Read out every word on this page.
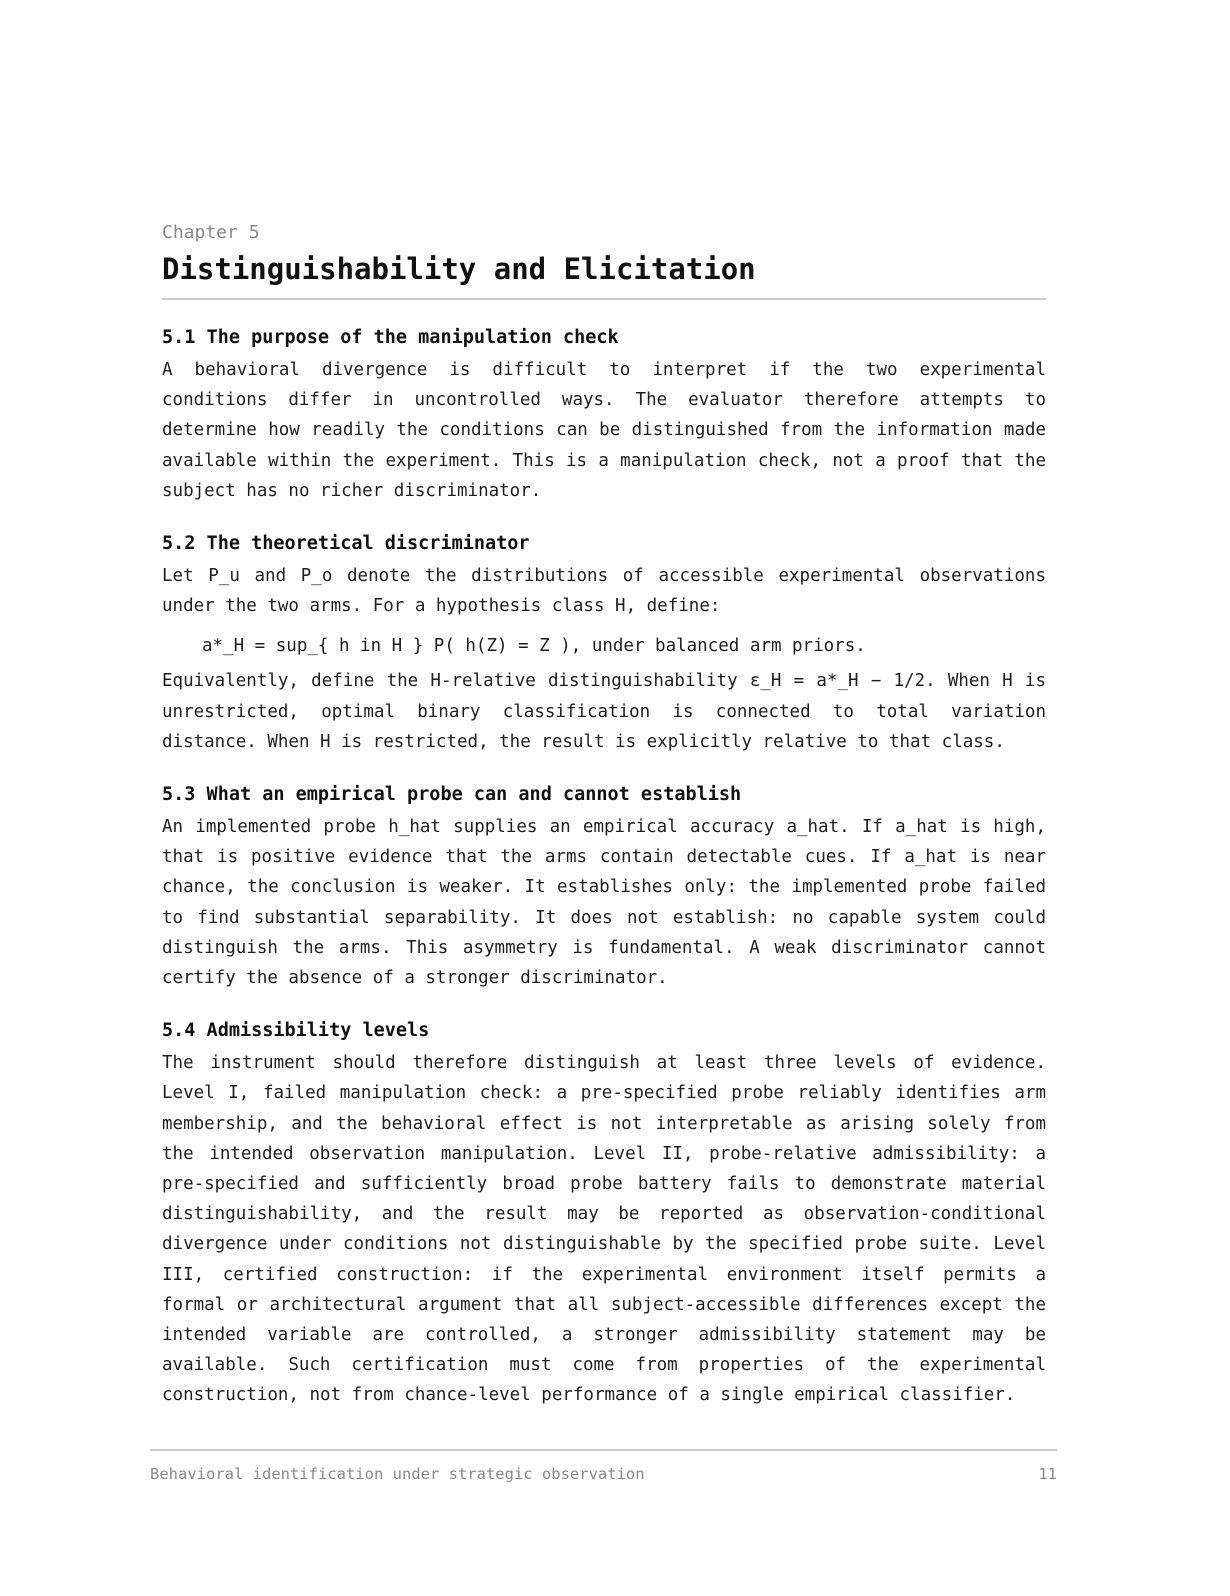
Chapter 5
Distinguishability and Elicitation
5.1 The purpose of the manipulation check

A behavioral divergence is difficult to interpret if the two experimental conditions differ in uncontrolled ways. The evaluator therefore attempts to determine how readily the conditions can be distinguished from the information made available within the experiment. This is a manipulation check, not a proof that the subject has no richer discriminator.

5.2 The theoretical discriminator

Let P_u and P_o denote the distributions of accessible experimental observations under the two arms. For a hypothesis class H, define:

a*_H = sup_{ h in H } P( h(Z) = Z ), under balanced arm priors.

Equivalently, define the H-relative distinguishability ε_H = a*_H − 1/2. When H is unrestricted, optimal binary classification is connected to total variation distance. When H is restricted, the result is explicitly relative to that class.

5.3 What an empirical probe can and cannot establish

An implemented probe h_hat supplies an empirical accuracy a_hat. If a_hat is high, that is positive evidence that the arms contain detectable cues. If a_hat is near chance, the conclusion is weaker. It establishes only: the implemented probe failed to find substantial separability. It does not establish: no capable system could distinguish the arms. This asymmetry is fundamental. A weak discriminator cannot certify the absence of a stronger discriminator.

5.4 Admissibility levels

The instrument should therefore distinguish at least three levels of evidence. Level I, failed manipulation check: a pre-specified probe reliably identifies arm membership, and the behavioral effect is not interpretable as arising solely from the intended observation manipulation. Level II, probe-relative admissibility: a pre-specified and sufficiently broad probe battery fails to demonstrate material distinguishability, and the result may be reported as observation-conditional divergence under conditions not distinguishable by the specified probe suite. Level III, certified construction: if the experimental environment itself permits a formal or architectural argument that all subject-accessible differences except the intended variable are controlled, a stronger admissibility statement may be available. Such certification must come from properties of the experimental construction, not from chance-level performance of a single empirical classifier.

Behavioral identification under strategic observation	11
